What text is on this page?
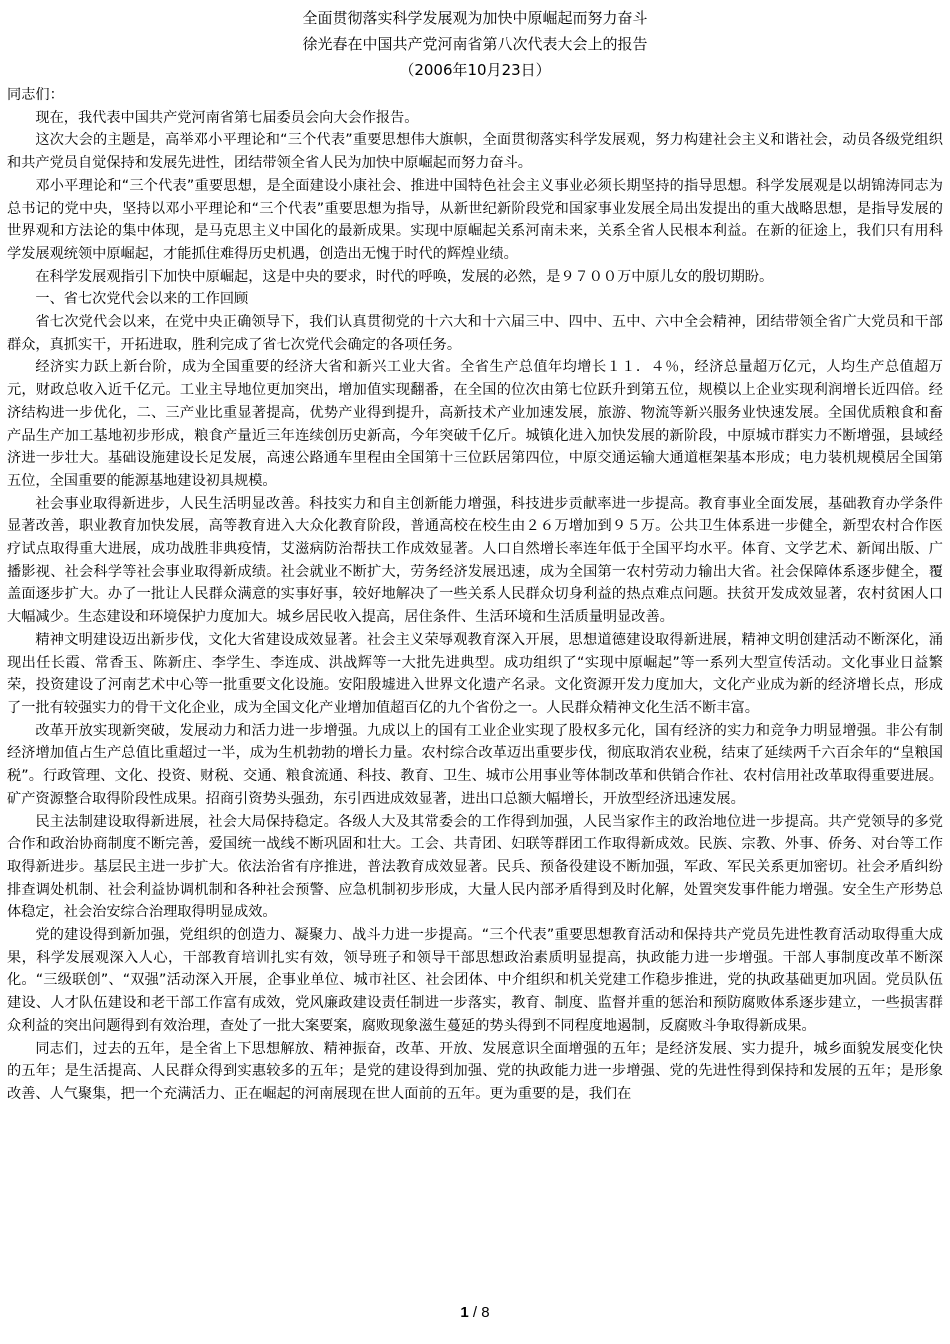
全面贯彻落实科学发展观为加快中原崛起而努力奋斗
徐光春在中国共产党河南省第八次代表大会上的报告
（2006年10月23日）

同志们：

现在，我代表中国共产党河南省第七届委员会向大会作报告。

这次大会的主题是，高举邓小平理论和“三个代表”重要思想伟大旗帜，全面贯彻落实科学发展观，努力构建社会主义和谐社会，动员各级党组织和共产党员自觉保持和发展先进性，团结带领全省人民为加快中原崛起而努力奋斗。

邓小平理论和“三个代表”重要思想，是全面建设小康社会、推进中国特色社会主义事业必须长期坚持的指导思想。科学发展观是以胡锦涛同志为总书记的党中央，坚持以邓小平理论和“三个代表”重要思想为指导，从新世纪新阶段党和国家事业发展全局出发提出的重大战略思想，是指导发展的世界观和方法论的集中体现，是马克思主义中国化的最新成果。实现中原崛起关系河南未来，关系全省人民根本利益。在新的征途上，我们只有用科学发展观统领中原崛起，才能抓住难得历史机遇，创造出无愧于时代的辉煌业绩。

在科学发展观指引下加快中原崛起，这是中央的要求，时代的呼唤，发展的必然，是９７００万中原儿女的殷切期盼。

一、省七次党代会以来的工作回顾

省七次党代会以来，在党中央正确领导下，我们认真贯彻党的十六大和十六届三中、四中、五中、六中全会精神，团结带领全省广大党员和干部群众，真抓实干，开拓进取，胜利完成了省七次党代会确定的各项任务。

经济实力跃上新台阶，成为全国重要的经济大省和新兴工业大省。全省生产总值年均增长１１．４％，经济总量超万亿元，人均生产总值超万元，财政总收入近千亿元。工业主导地位更加突出，增加值实现翻番，在全国的位次由第七位跃升到第五位，规模以上企业实现利润增长近四倍。经济结构进一步优化，二、三产业比重显著提高，优势产业得到提升，高新技术产业加速发展，旅游、物流等新兴服务业快速发展。全国优质粮食和畜产品生产加工基地初步形成，粮食产量近三年连续创历史新高，今年突破千亿斤。城镇化进入加快发展的新阶段，中原城市群实力不断增强，县域经济进一步壮大。基础设施建设长足发展，高速公路通车里程由全国第十三位跃居第四位，中原交通运输大通道框架基本形成；电力装机规模居全国第五位，全国重要的能源基地建设初具规模。

社会事业取得新进步，人民生活明显改善。科技实力和自主创新能力增强，科技进步贡献率进一步提高。教育事业全面发展，基础教育办学条件显著改善，职业教育加快发展，高等教育进入大众化教育阶段，普通高校在校生由２６万增加到９５万。公共卫生体系进一步健全，新型农村合作医疗试点取得重大进展，成功战胜非典疫情，艾滋病防治帮扶工作成效显著。人口自然增长率连年低于全国平均水平。体育、文学艺术、新闻出版、广播影视、社会科学等社会事业取得新成绩。社会就业不断扩大，劳务经济发展迅速，成为全国第一农村劳动力输出大省。社会保障体系逐步健全，覆盖面逐步扩大。办了一批让人民群众满意的实事好事，较好地解决了一些关系人民群众切身利益的热点难点问题。扶贫开发成效显著，农村贫困人口大幅减少。生态建设和环境保护力度加大。城乡居民收入提高，居住条件、生活环境和生活质量明显改善。

精神文明建设迈出新步伐，文化大省建设成效显著。社会主义荣辱观教育深入开展，思想道德建设取得新进展，精神文明创建活动不断深化，涌现出任长霞、常香玉、陈新庄、李学生、李连成、洪战辉等一大批先进典型。成功组织了“实现中原崛起”等一系列大型宣传活动。文化事业日益繁荣，投资建设了河南艺术中心等一批重要文化设施。安阳殷墟进入世界文化遗产名录。文化资源开发力度加大，文化产业成为新的经济增长点，形成了一批有较强实力的骨干文化企业，成为全国文化产业增加值超百亿的九个省份之一。人民群众精神文化生活不断丰富。

改革开放实现新突破，发展动力和活力进一步增强。九成以上的国有工业企业实现了股权多元化，国有经济的实力和竞争力明显增强。非公有制经济增加值占生产总值比重超过一半，成为生机勃勃的增长力量。农村综合改革迈出重要步伐，彻底取消农业税，结束了延续两千六百余年的“皇粮国税”。行政管理、文化、投资、财税、交通、粮食流通、科技、教育、卫生、城市公用事业等体制改革和供销合作社、农村信用社改革取得重要进展。矿产资源整合取得阶段性成果。招商引资势头强劲，东引西进成效显著，进出口总额大幅增长，开放型经济迅速发展。

民主法制建设取得新进展，社会大局保持稳定。各级人大及其常委会的工作得到加强，人民当家作主的政治地位进一步提高。共产党领导的多党合作和政治协商制度不断完善，爱国统一战线不断巩固和壮大。工会、共青团、妇联等群团工作取得新成效。民族、宗教、外事、侨务、对台等工作取得新进步。基层民主进一步扩大。依法治省有序推进，普法教育成效显著。民兵、预备役建设不断加强，军政、军民关系更加密切。社会矛盾纠纷排查调处机制、社会利益协调机制和各种社会预警、应急机制初步形成，大量人民内部矛盾得到及时化解，处置突发事件能力增强。安全生产形势总体稳定，社会治安综合治理取得明显成效。

党的建设得到新加强，党组织的创造力、凝聚力、战斗力进一步提高。“三个代表”重要思想教育活动和保持共产党员先进性教育活动取得重大成果，科学发展观深入人心，干部教育培训扎实有效，领导班子和领导干部思想政治素质明显提高，执政能力进一步增强。干部人事制度改革不断深化。“三级联创”、“双强”活动深入开展，企事业单位、城市社区、社会团体、中介组织和机关党建工作稳步推进，党的执政基础更加巩固。党员队伍建设、人才队伍建设和老干部工作富有成效，党风廉政建设责任制进一步落实，教育、制度、监督并重的惩治和预防腐败体系逐步建立，一些损害群众利益的突出问题得到有效治理，查处了一批大案要案，腐败现象滋生蔓延的势头得到不同程度地遏制，反腐败斗争取得新成果。

同志们，过去的五年，是全省上下思想解放、精神振奋，改革、开放、发展意识全面增强的五年；是经济发展、实力提升，城乡面貌发展变化快的五年；是生活提高、人民群众得到实惠较多的五年；是党的建设得到加强、党的执政能力进一步增强、党的先进性得到保持和发展的五年；是形象改善、人气聚集，把一个充满活力、正在崛起的河南展现在世人面前的五年。更为重要的是，我们在

1 / 8
